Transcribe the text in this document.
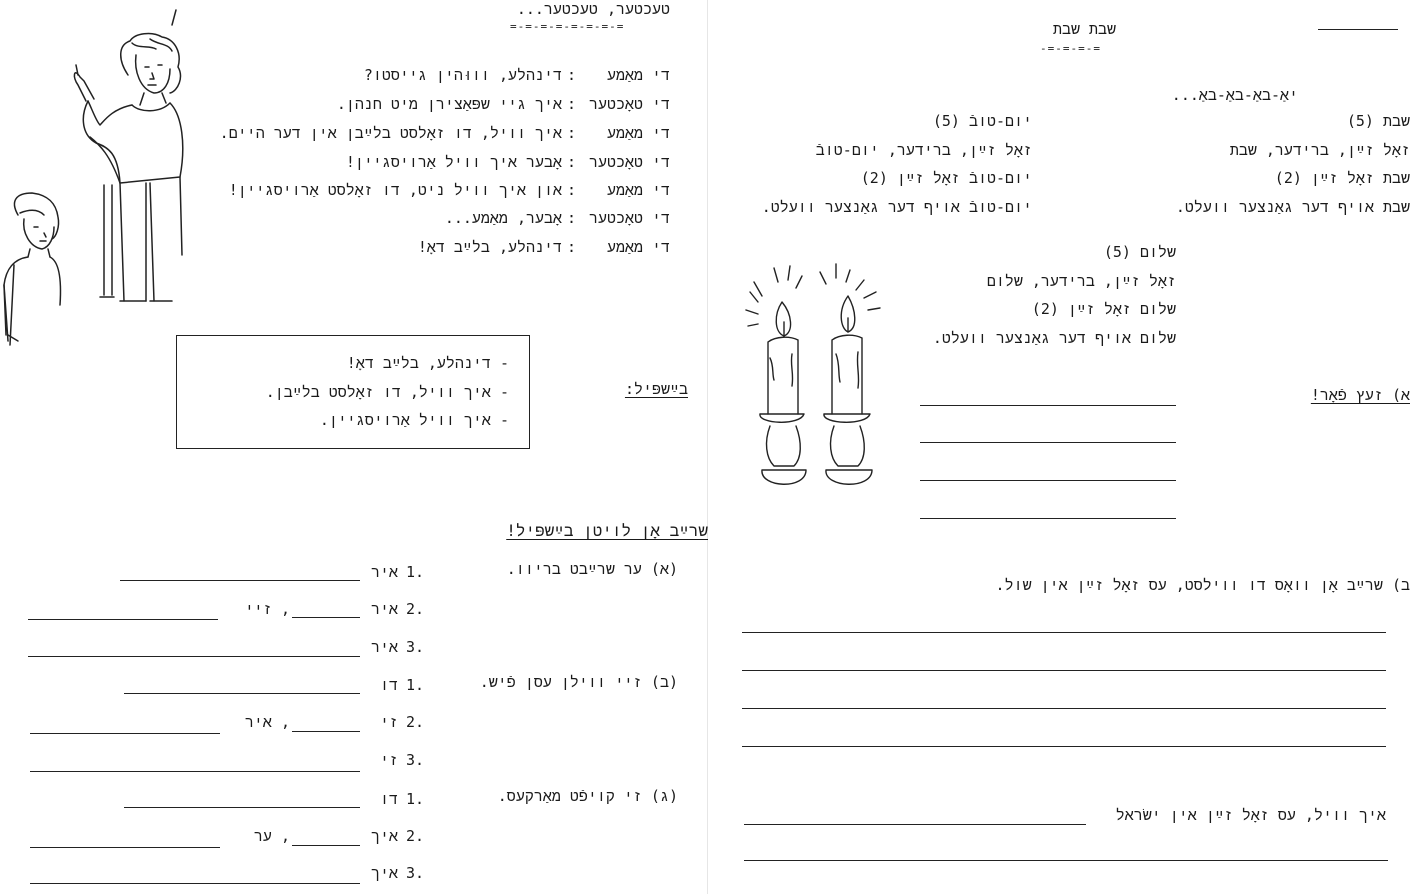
טעכטער, טעכטער...
=-=-=-=-=-=-=-=
די מאַמע
:
דינהלע, וווּהין גייסטו?
די טאָכטער
:
איך גיי שפּאַצירן מיט חנהן.
די מאַמע
:
איך וויל, דו זאָלסט בלײַבן אין דער היים.
די טאָכטער
:
אָבער איך וויל אַרויסגיין!
די מאַמע
:
און איך וויל ניט, דו זאָלסט אַרויסגיין!
די טאָכטער
:
אָבער, מאַמע...
די מאַמע
:
דינהלע, בלײַב דאָ!
בײַשפּיל:
- דינהלע, בלײַב דאָ!
- איך וויל, דו זאָלסט בלײַבן.
- איך וויל אַרויסגיין.
שרײַב אָן לויטן בײַשפּיל!
(א) ער שרײַבט בריוו.
1.
איר
2.
איר
, זיי
3.
איר
(ב) זיי ווילן עסן פֿיש.
1.
דו
2.
זי
, איר
3.
זי
(ג) זי קויפֿט מאַרקעס.
1.
דו
2.
איך
, ער
3.
איך
שבת שבת
-=-=-=-=
יאַ-באַ-באַ-באַ...
שבת (5)
זאָל זײַן, ברידער, שבת
שבת זאָל זײַן (2)
שבת אויף דער גאַנצער וועלט.
יום-טובֿ (5)
זאָל זײַן, ברידער, יום-טובֿ
יום-טובֿ זאָל זײַן (2)
יום-טובֿ אויף דער גאַנצער וועלט.
שלום (5)
זאָל זײַן, ברידער, שלום
שלום זאָל זײַן (2)
שלום אויף דער גאַנצער וועלט.
א) זעץ פֿאָר!
ב) שרײַב אָן וואָס דו ווילסט, עס זאָל זײַן אין שול.
איך וויל, עס זאָל זײַן אין ישׂראל
